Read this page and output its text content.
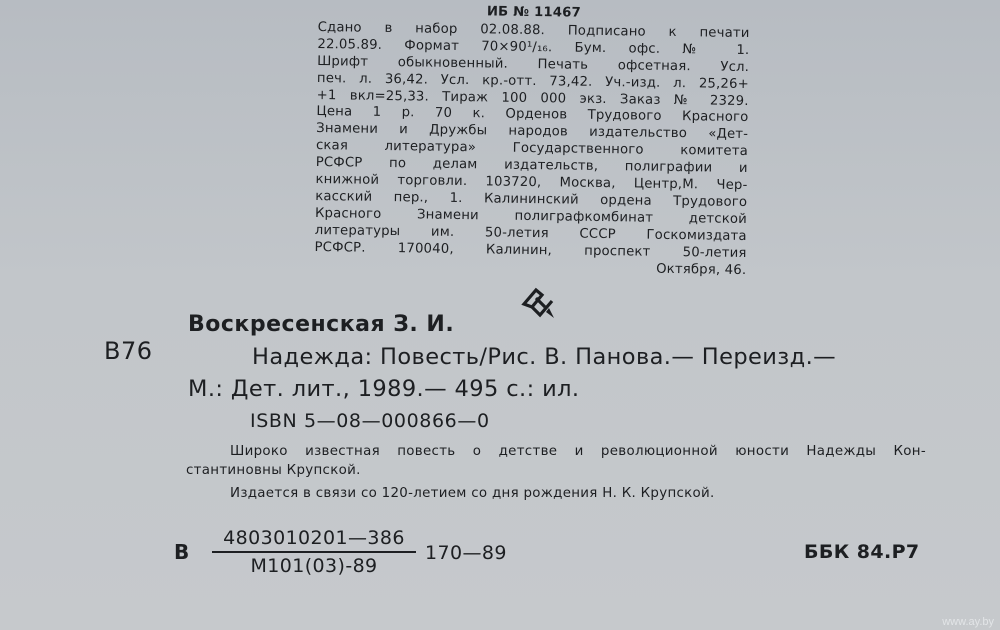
ИБ № 11467
Сдано в набор 02.08.88. Подписано к печати
22.05.89. Формат 70×90¹/₁₆. Бум. офс. № 1.
Шрифт обыкновенный. Печать офсетная. Усл.
печ. л. 36,42. Усл. кр.-отт. 73,42. Уч.-изд. л. 25,26+
+1 вкл=25,33. Тираж 100 000 экз. Заказ № 2329.
Цена 1 р. 70 к. Орденов Трудового Красного
Знамени и Дружбы народов издательство «Дет-
ская литература» Государственного комитета
РСФСР по делам издательств, полиграфии и
книжной торговли. 103720, Москва, Центр,М. Чер-
касский пер., 1. Калининский ордена Трудового
Красного Знамени полиграфкомбинат детской
литературы им. 50-летия СССР Госкомиздата
РСФСР. 170040, Калинин, проспект 50-летия
Октября, 46.
В76
Воскресенская З. И.
Надежда: Повесть/Рис. В. Панова.— Переизд.—
М.: Дет. лит., 1989.— 495 с.: ил.
ISBN 5—08—000866—0
Широко известная повесть о детстве и революционной юности Надежды Кон-
стантиновны Крупской.
Издается в связи со 120-летием со дня рождения Н. К. Крупской.
В
4803010201—386
М101(03)-89
170—89	ББК 84.Р7
www.ay.by
